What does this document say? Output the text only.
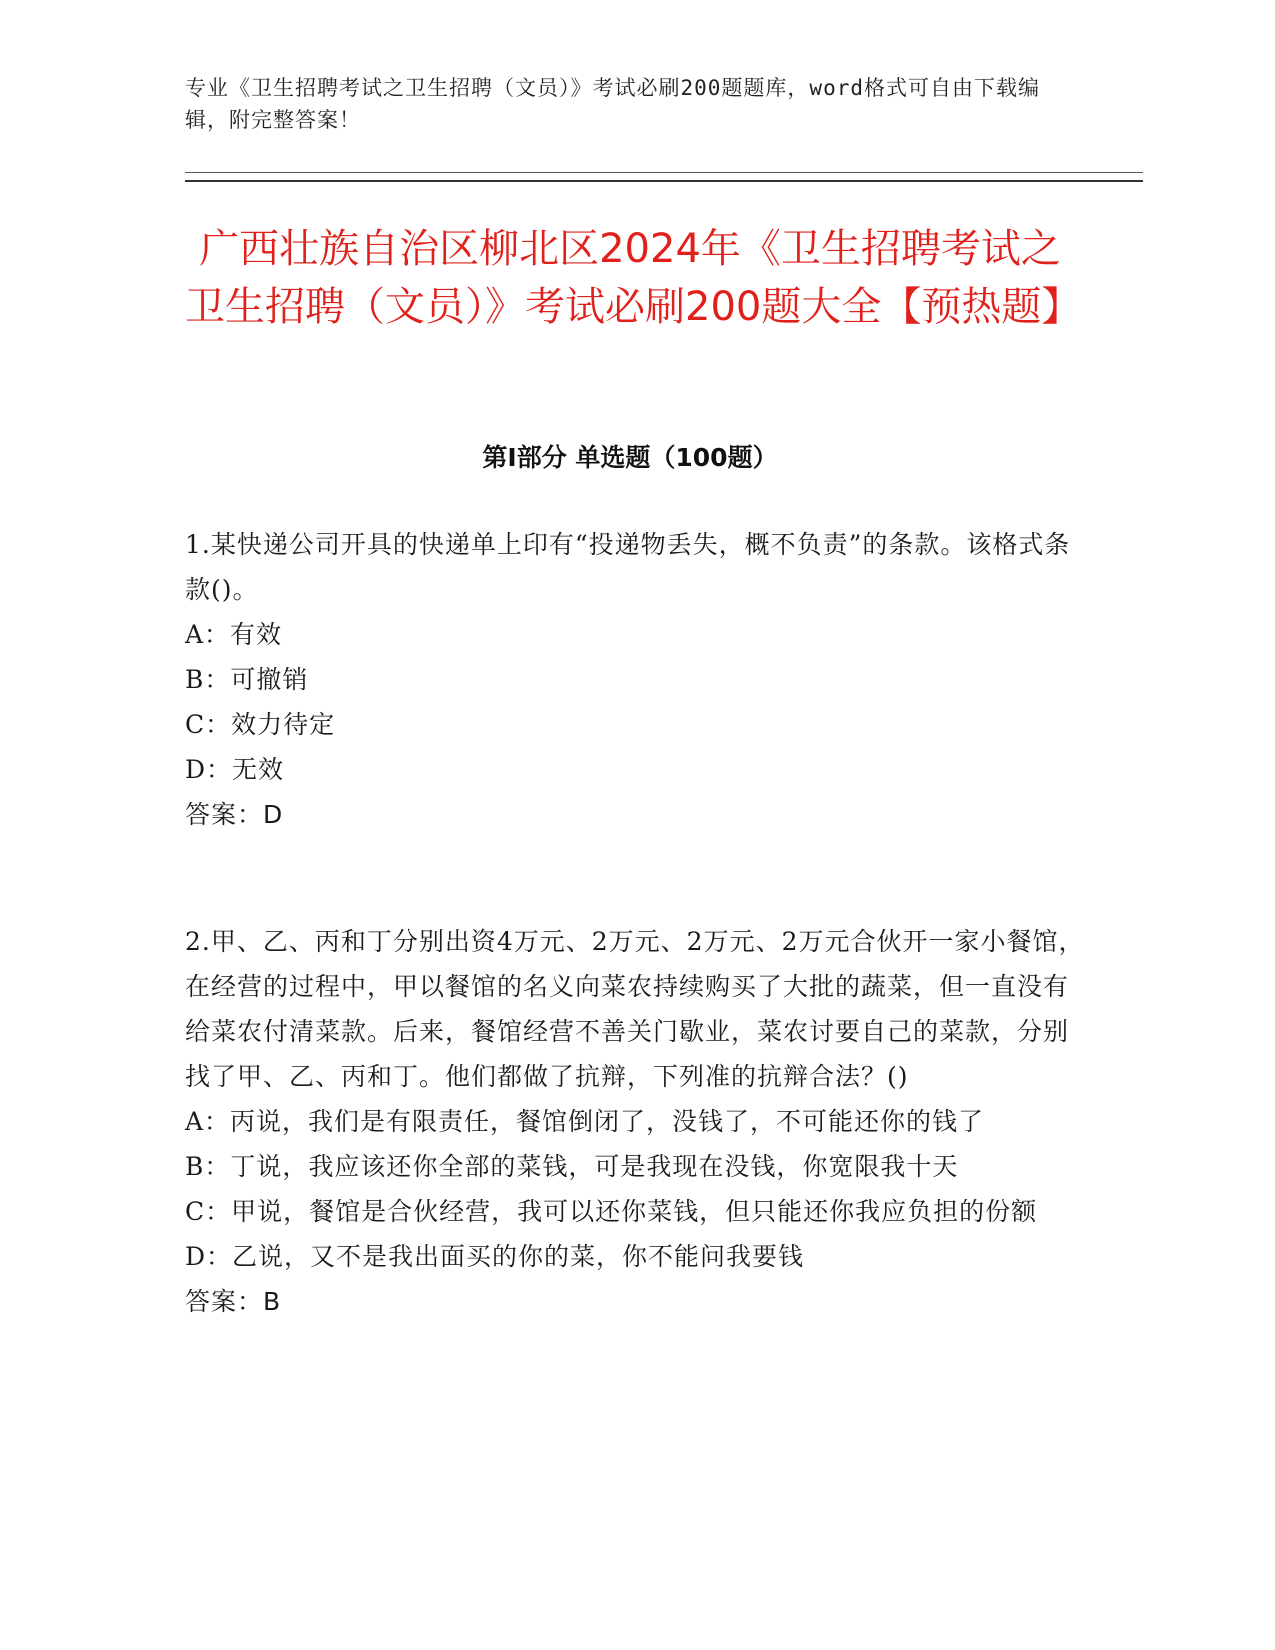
专业《卫生招聘考试之卫生招聘（文员）》考试必刷200题题库，word格式可自由下载编辑，附完整答案！
广西壮族自治区柳北区2024年《卫生招聘考试之卫生招聘（文员）》考试必刷200题大全【预热题】
第Ⅰ部分 单选题（100题）

1.某快递公司开具的快递单上印有“投递物丢失，概不负责”的条款。该格式条款()。

A：有效

B：可撤销

C：效力待定

D：无效

答案：D

2.甲、乙、丙和丁分别出资4万元、2万元、2万元、2万元合伙开一家小餐馆，在经营的过程中，甲以餐馆的名义向菜农持续购买了大批的蔬菜，但一直没有给菜农付清菜款。后来，餐馆经营不善关门歇业，菜农讨要自己的菜款，分别找了甲、乙、丙和丁。他们都做了抗辩，下列准的抗辩合法？()

A：丙说，我们是有限责任，餐馆倒闭了，没钱了，不可能还你的钱了

B：丁说，我应该还你全部的菜钱，可是我现在没钱，你宽限我十天

C：甲说，餐馆是合伙经营，我可以还你菜钱，但只能还你我应负担的份额

D：乙说，又不是我出面买的你的菜，你不能问我要钱

答案：B
